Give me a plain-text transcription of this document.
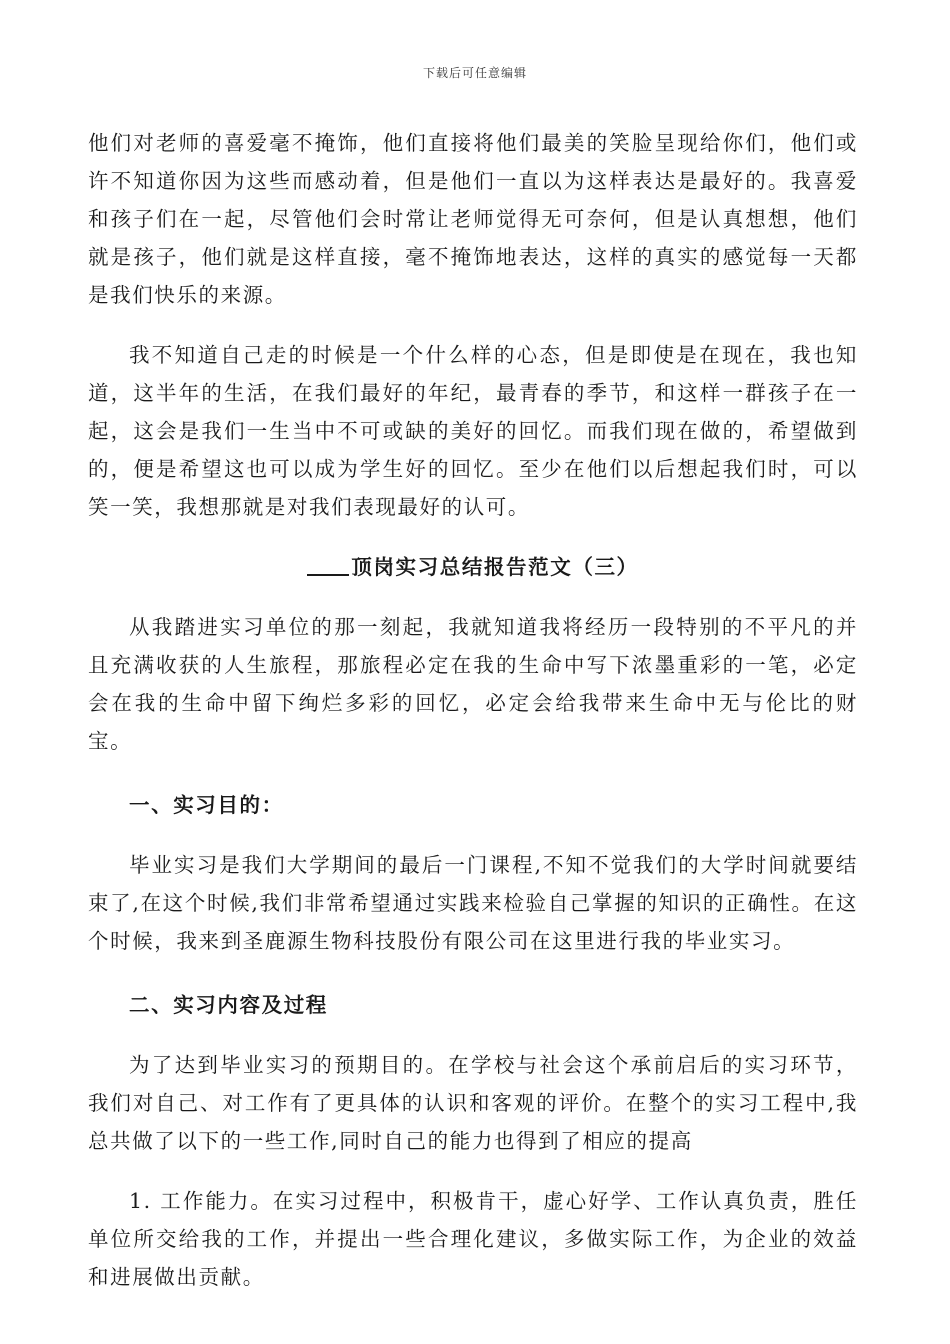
下载后可任意编辑

他们对老师的喜爱毫不掩饰，他们直接将他们最美的笑脸呈现给你们，他们或许不知道你因为这些而感动着，但是他们一直以为这样表达是最好的。我喜爱和孩子们在一起，尽管他们会时常让老师觉得无可奈何，但是认真想想，他们就是孩子，他们就是这样直接，毫不掩饰地表达，这样的真实的感觉每一天都是我们快乐的来源。

我不知道自己走的时候是一个什么样的心态，但是即使是在现在，我也知道，这半年的生活，在我们最好的年纪，最青春的季节，和这样一群孩子在一起，这会是我们一生当中不可或缺的美好的回忆。而我们现在做的，希望做到的，便是希望这也可以成为学生好的回忆。至少在他们以后想起我们时，可以笑一笑，我想那就是对我们表现最好的认可。

顶岗实习总结报告范文（三）

从我踏进实习单位的那一刻起，我就知道我将经历一段特别的不平凡的并且充满收获的人生旅程，那旅程必定在我的生命中写下浓墨重彩的一笔，必定会在我的生命中留下绚烂多彩的回忆，必定会给我带来生命中无与伦比的财宝。

一、实习目的：

毕业实习是我们大学期间的最后一门课程,不知不觉我们的大学时间就要结束了,在这个时候,我们非常希望通过实践来检验自己掌握的知识的正确性。在这个时候，我来到圣鹿源生物科技股份有限公司在这里进行我的毕业实习。

二、实习内容及过程

为了达到毕业实习的预期目的。在学校与社会这个承前启后的实习环节，我们对自己、对工作有了更具体的认识和客观的评价。在整个的实习工程中,我总共做了以下的一些工作,同时自己的能力也得到了相应的提高

1. 工作能力。在实习过程中，积极肯干，虚心好学、工作认真负责，胜任单位所交给我的工作，并提出一些合理化建议，多做实际工作，为企业的效益和进展做出贡献。
